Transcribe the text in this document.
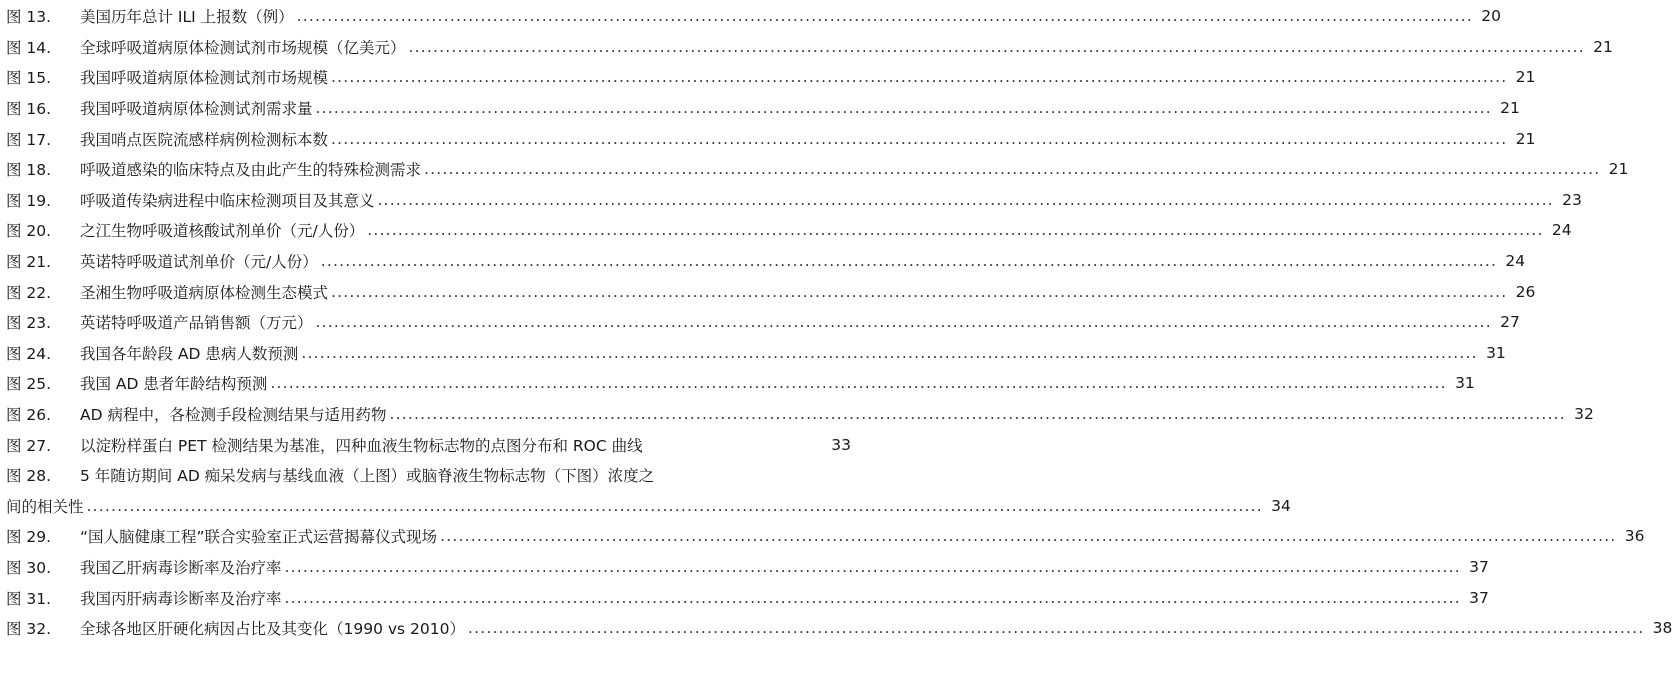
图 13.	美国历年总计 ILI 上报数（例） .....	20
图 14.	全球呼吸道病原体检测试剂市场规模（亿美元） .....	21
图 15.	我国呼吸道病原体检测试剂市场规模 .....	21
图 16.	我国呼吸道病原体检测试剂需求量 .....	21
图 17.	我国哨点医院流感样病例检测标本数 .....	21
图 18.	呼吸道感染的临床特点及由此产生的特殊检测需求 .....	21
图 19.	呼吸道传染病进程中临床检测项目及其意义 .....	23
图 20.	之江生物呼吸道核酸试剂单价（元/人份） .....	24
图 21.	英诺特呼吸道试剂单价（元/人份） .....	24
图 22.	圣湘生物呼吸道病原体检测生态模式 .....	26
图 23.	英诺特呼吸道产品销售额（万元） .....	27
图 24.	我国各年龄段 AD 患病人数预测 .....	31
图 25.	我国 AD 患者年龄结构预测 .....	31
图 26.	AD 病程中，各检测手段检测结果与适用药物 .....	32
图 27.	以淀粉样蛋白 PET 检测结果为基准，四种血液生物标志物的点图分布和 ROC 曲线	33
图 28.	5 年随访期间 AD 痴呆发病与基线血液（上图）或脑脊液生物标志物（下图）浓度之
间的相关性 .....	34
图 29.	“国人脑健康工程”联合实验室正式运营揭幕仪式现场 .....	36
图 30.	我国乙肝病毒诊断率及治疗率 .....	37
图 31.	我国丙肝病毒诊断率及治疗率 .....	37
图 32.	全球各地区肝硬化病因占比及其变化（1990 vs 2010） .....	38
